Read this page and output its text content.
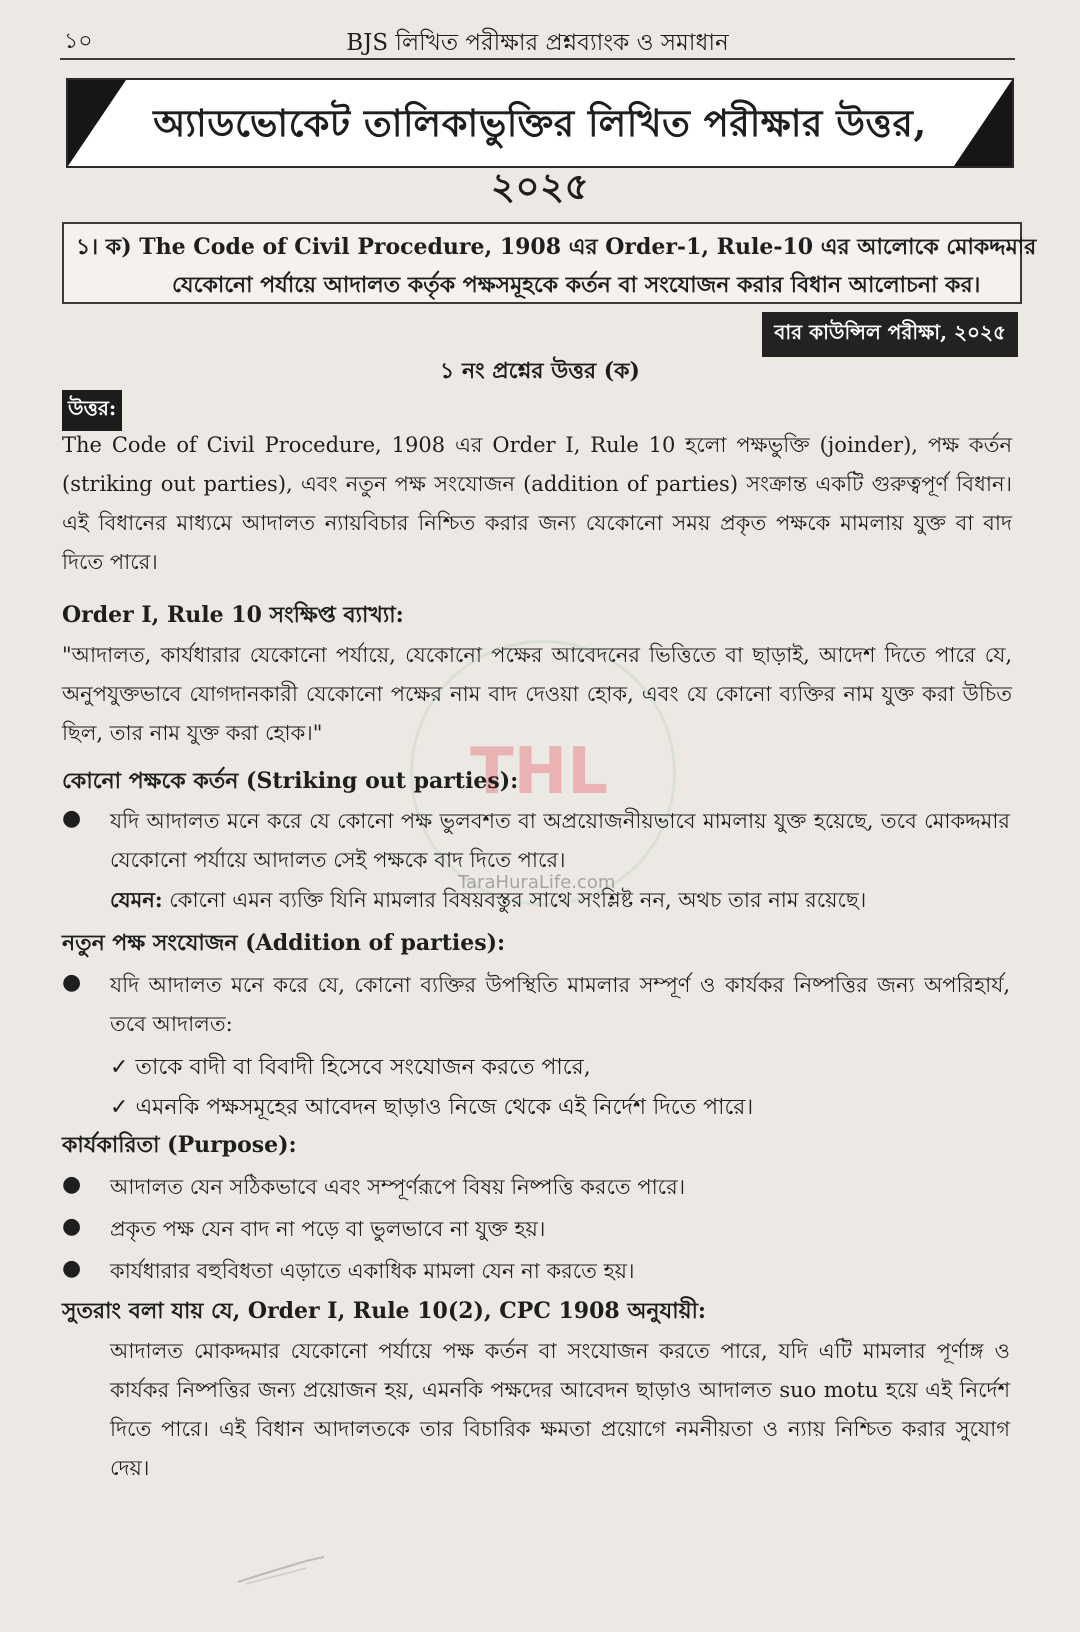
১০	BJS লিখিত পরীক্ষার প্রশ্নব্যাংক ও সমাধান
অ্যাডভোকেট তালিকাভুক্তির লিখিত পরীক্ষার উত্তর, ২০২৫
১। ক) The Code of Civil Procedure, 1908 এর Order-1, Rule-10 এর আলোকে মোকদ্দমার
যেকোনো পর্যায়ে আদালত কর্তৃক পক্ষসমূহকে কর্তন বা সংযোজন করার বিধান আলোচনা কর।
বার কাউন্সিল পরীক্ষা, ২০২৫
১ নং প্রশ্নের উত্তর (ক)
উত্তর:
The Code of Civil Procedure, 1908 এর Order I, Rule 10 হলো পক্ষভুক্তি (joinder), পক্ষ কর্তন (striking out parties), এবং নতুন পক্ষ সংযোজন (addition of parties) সংক্রান্ত একটি গুরুত্বপূর্ণ বিধান। এই বিধানের মাধ্যমে আদালত ন্যায়বিচার নিশ্চিত করার জন্য যেকোনো সময় প্রকৃত পক্ষকে মামলায় যুক্ত বা বাদ দিতে পারে।
Order I, Rule 10 সংক্ষিপ্ত ব্যাখ্যা:
"আদালত, কার্যধারার যেকোনো পর্যায়ে, যেকোনো পক্ষের আবেদনের ভিত্তিতে বা ছাড়াই, আদেশ দিতে পারে যে, অনুপযুক্তভাবে যোগদানকারী যেকোনো পক্ষের নাম বাদ দেওয়া হোক, এবং যে কোনো ব্যক্তির নাম যুক্ত করা উচিত ছিল, তার নাম যুক্ত করা হোক।"
THL
TaraHuraLife.com
কোনো পক্ষকে কর্তন (Striking out parties):
● যদি আদালত মনে করে যে কোনো পক্ষ ভুলবশত বা অপ্রয়োজনীয়ভাবে মামলায় যুক্ত হয়েছে, তবে মোকদ্দমার যেকোনো পর্যায়ে আদালত সেই পক্ষকে বাদ দিতে পারে।
যেমন: কোনো এমন ব্যক্তি যিনি মামলার বিষয়বস্তুর সাথে সংশ্লিষ্ট নন, অথচ তার নাম রয়েছে।
নতুন পক্ষ সংযোজন (Addition of parties):
● যদি আদালত মনে করে যে, কোনো ব্যক্তির উপস্থিতি মামলার সম্পূর্ণ ও কার্যকর নিষ্পত্তির জন্য অপরিহার্য, তবে আদালত:
✓ তাকে বাদী বা বিবাদী হিসেবে সংযোজন করতে পারে,
✓ এমনকি পক্ষসমূহের আবেদন ছাড়াও নিজে থেকে এই নির্দেশ দিতে পারে।
কার্যকারিতা (Purpose):
● আদালত যেন সঠিকভাবে এবং সম্পূর্ণরূপে বিষয় নিষ্পত্তি করতে পারে।
● প্রকৃত পক্ষ যেন বাদ না পড়ে বা ভুলভাবে না যুক্ত হয়।
● কার্যধারার বহুবিধতা এড়াতে একাধিক মামলা যেন না করতে হয়।
সুতরাং বলা যায় যে, Order I, Rule 10(2), CPC 1908 অনুযায়ী:
আদালত মোকদ্দমার যেকোনো পর্যায়ে পক্ষ কর্তন বা সংযোজন করতে পারে, যদি এটি মামলার পূর্ণাঙ্গ ও কার্যকর নিষ্পত্তির জন্য প্রয়োজন হয়, এমনকি পক্ষদের আবেদন ছাড়াও আদালত suo motu হয়ে এই নির্দেশ দিতে পারে। এই বিধান আদালতকে তার বিচারিক ক্ষমতা প্রয়োগে নমনীয়তা ও ন্যায় নিশ্চিত করার সুযোগ দেয়।
